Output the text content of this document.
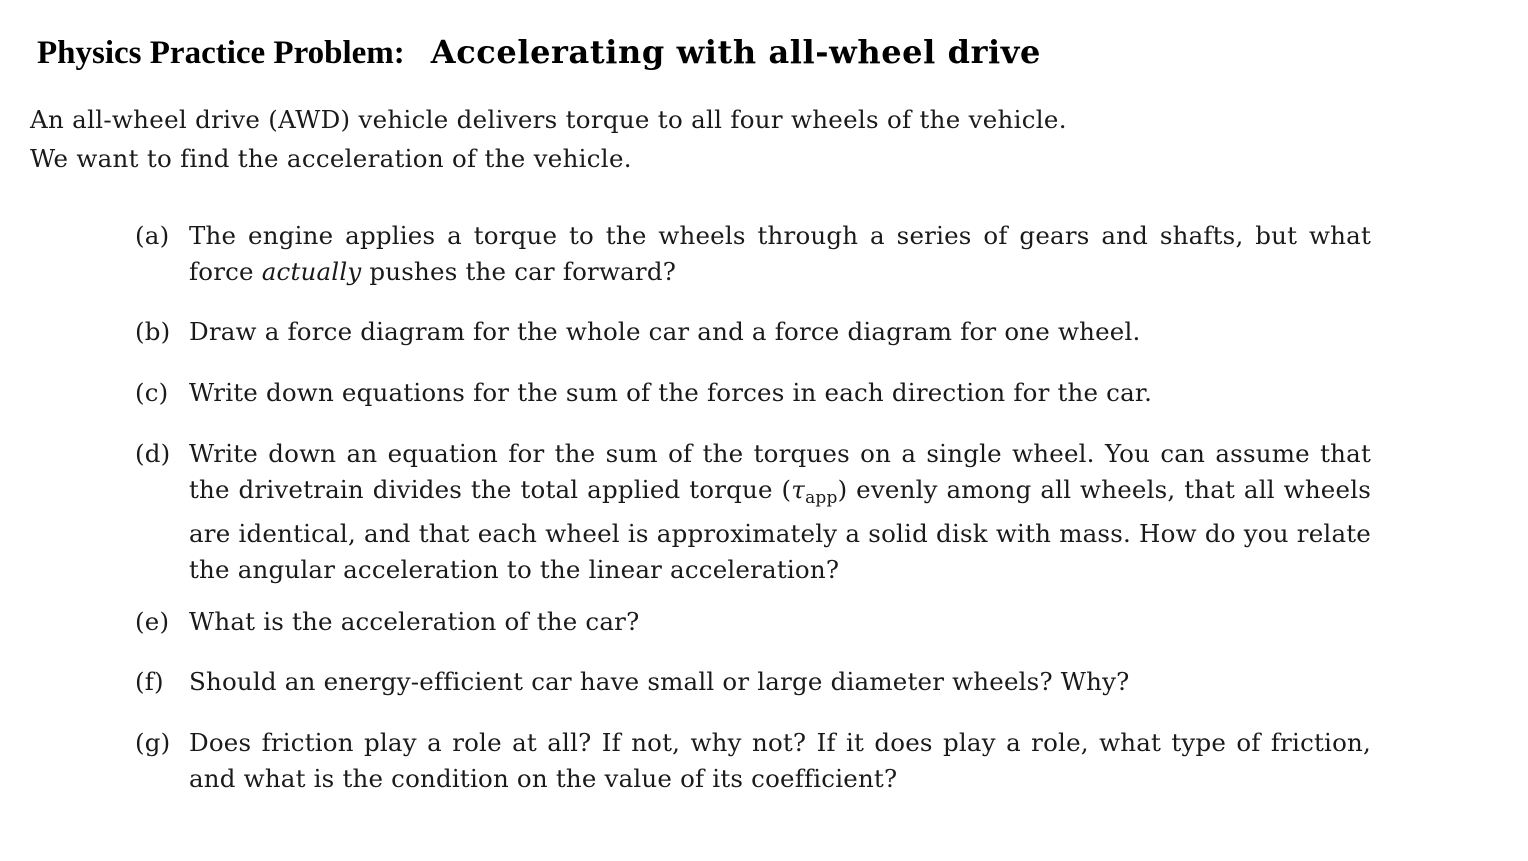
Physics Practice Problem: Accelerating with all-wheel drive
An all-wheel drive (AWD) vehicle delivers torque to all four wheels of the vehicle.
We want to find the acceleration of the vehicle.
(a) The engine applies a torque to the wheels through a series of gears and shafts, but what force actually pushes the car forward?
(b) Draw a force diagram for the whole car and a force diagram for one wheel.
(c) Write down equations for the sum of the forces in each direction for the car.
(d) Write down an equation for the sum of the torques on a single wheel. You can assume that the drivetrain divides the total applied torque $(\tau_{app})$ evenly among all wheels, that all wheels are identical, and that each wheel is approximately a solid disk with mass. How do you relate the angular acceleration to the linear acceleration?
(e) What is the acceleration of the car?
(f)	Should an energy-efficient car have small or large diameter wheels? Why?
(g) Does friction play a role at all? If not, why not? If it does play a role, what type of friction, and what is the condition on the value of its coefficient?
